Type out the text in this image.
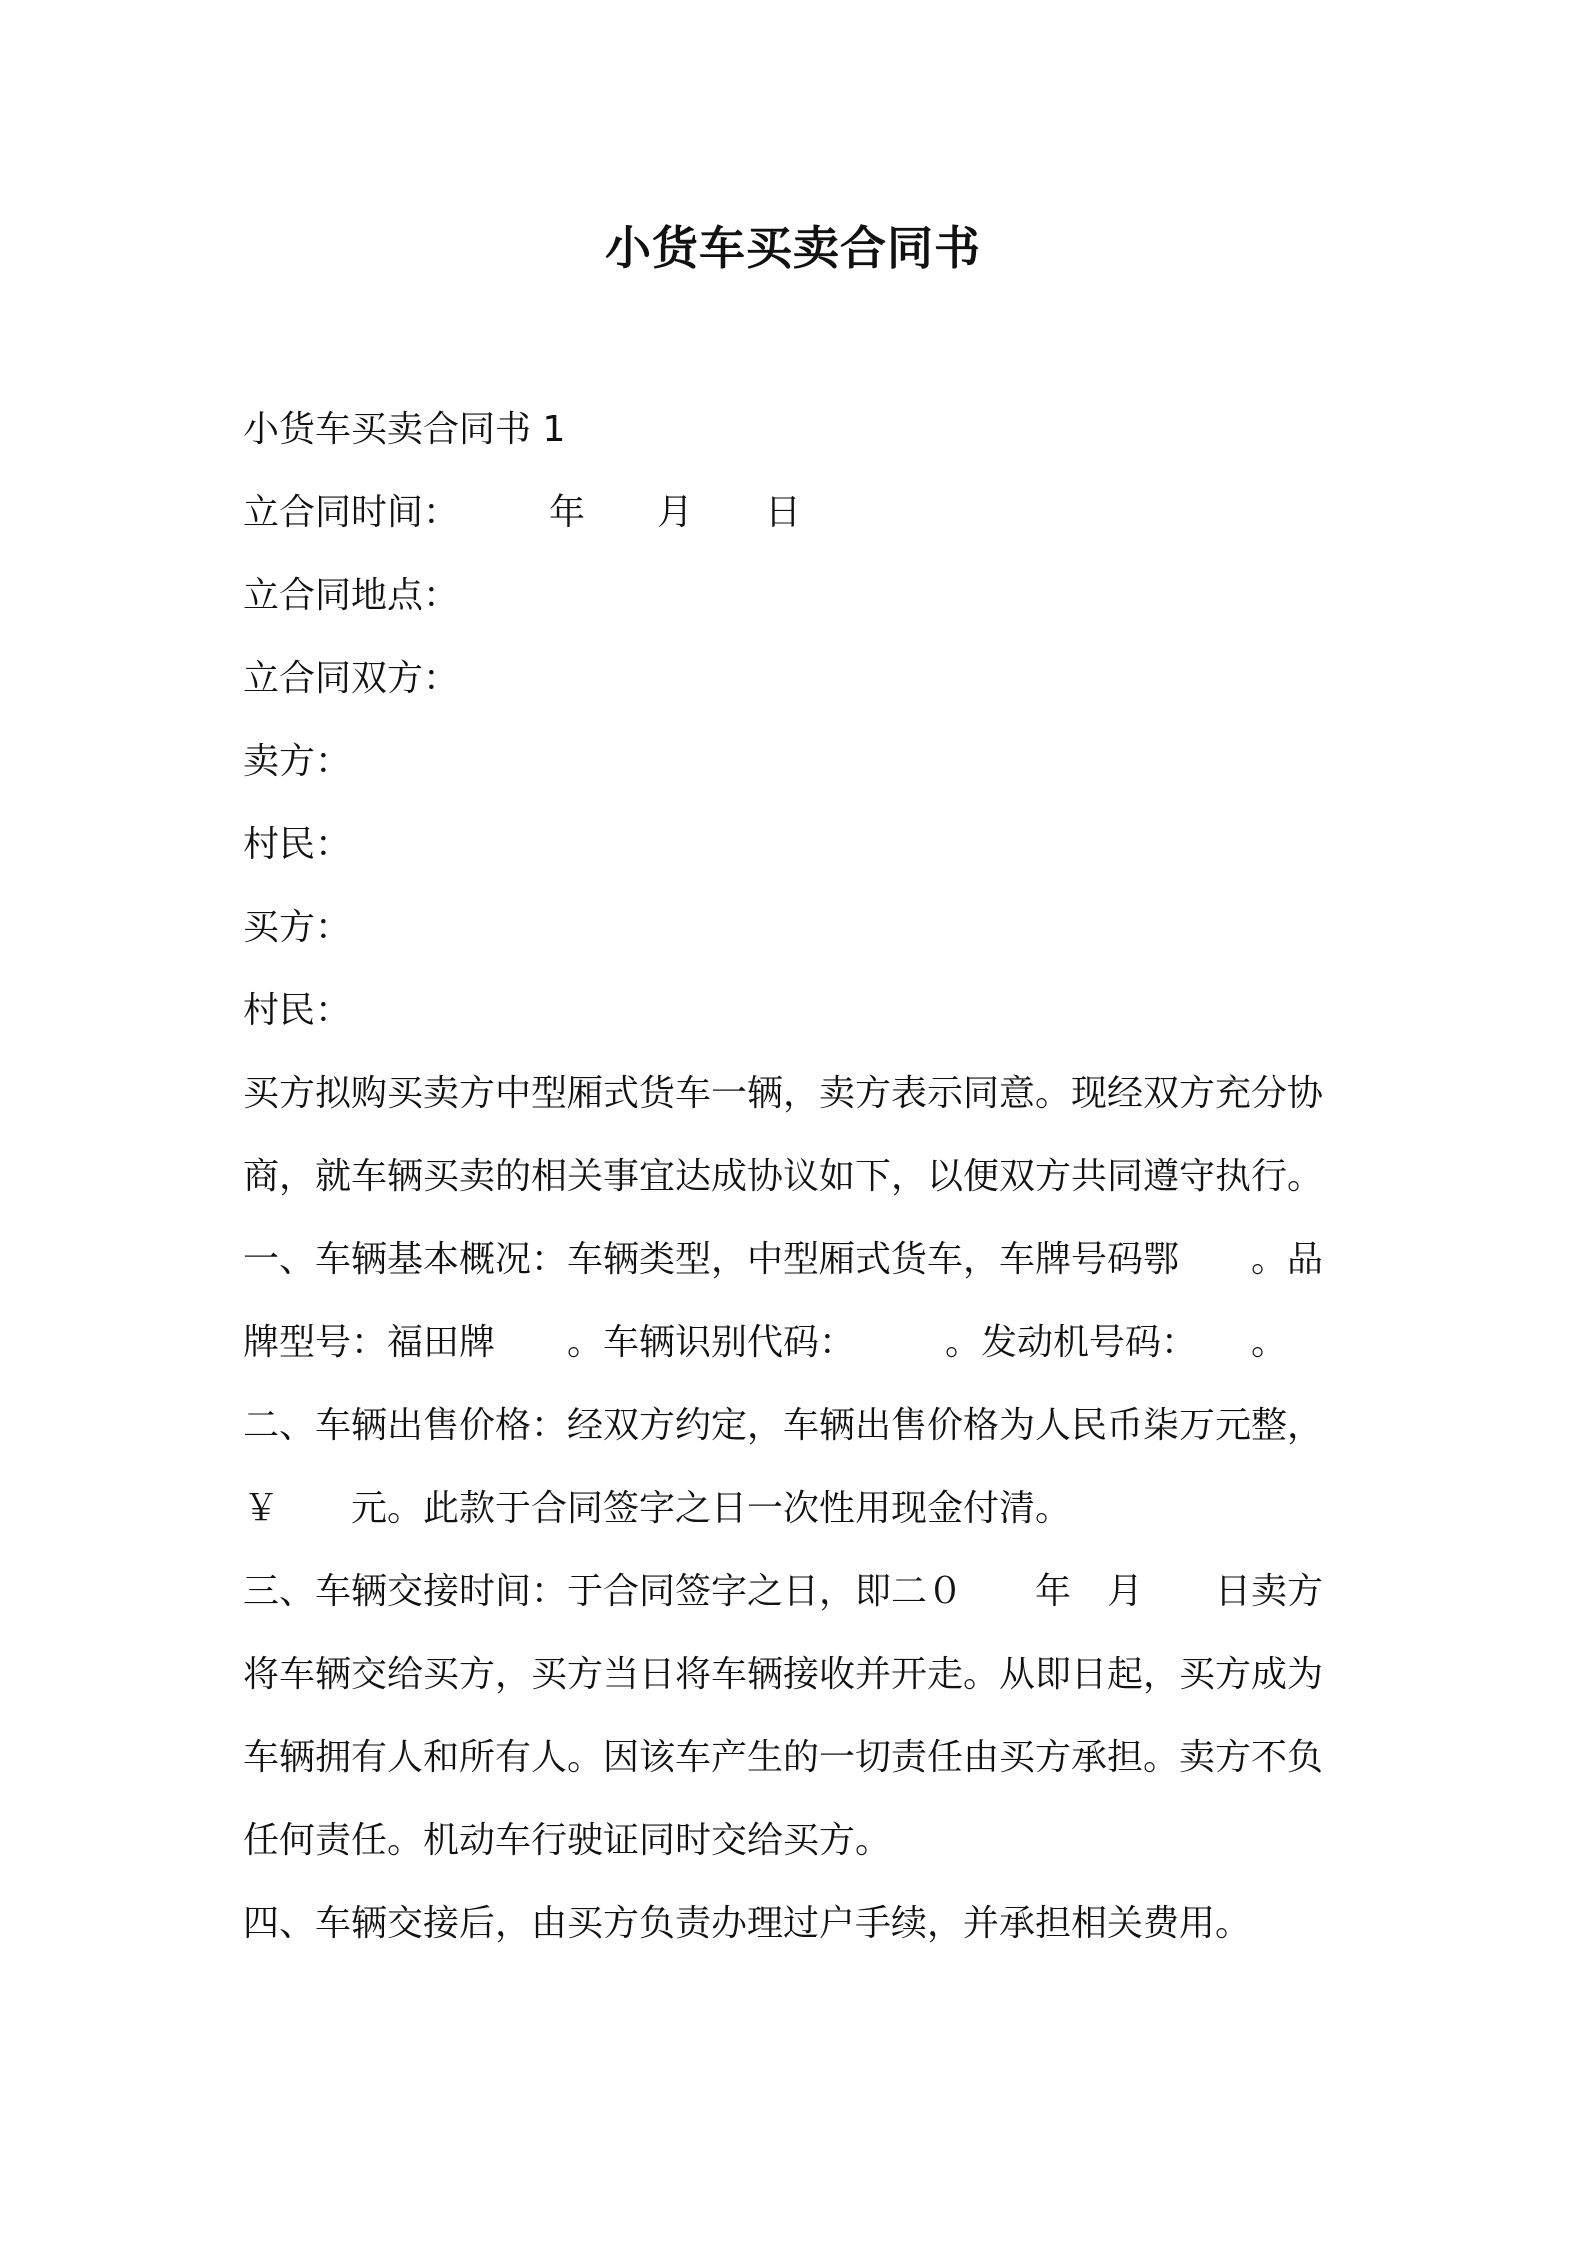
小货车买卖合同书
小货车买卖合同书 1
立合同时间：　　　年　　月　　日
立合同地点：
立合同双方：
卖方：
村民：
买方：
村民：
买方拟购买卖方中型厢式货车一辆，卖方表示同意。现经双方充分协
商，就车辆买卖的相关事宜达成协议如下，以便双方共同遵守执行。
一、车辆基本概况：车辆类型，中型厢式货车，车牌号码鄂　　。品
牌型号：福田牌　　。车辆识别代码：　　　。发动机号码：　　。
二、车辆出售价格：经双方约定，车辆出售价格为人民币柒万元整，
￥　　元。此款于合同签字之日一次性用现金付清。
三、车辆交接时间：于合同签字之日，即二０　　年　月　　日卖方
将车辆交给买方，买方当日将车辆接收并开走。从即日起，买方成为
车辆拥有人和所有人。因该车产生的一切责任由买方承担。卖方不负
任何责任。机动车行驶证同时交给买方。
四、车辆交接后，由买方负责办理过户手续，并承担相关费用。
